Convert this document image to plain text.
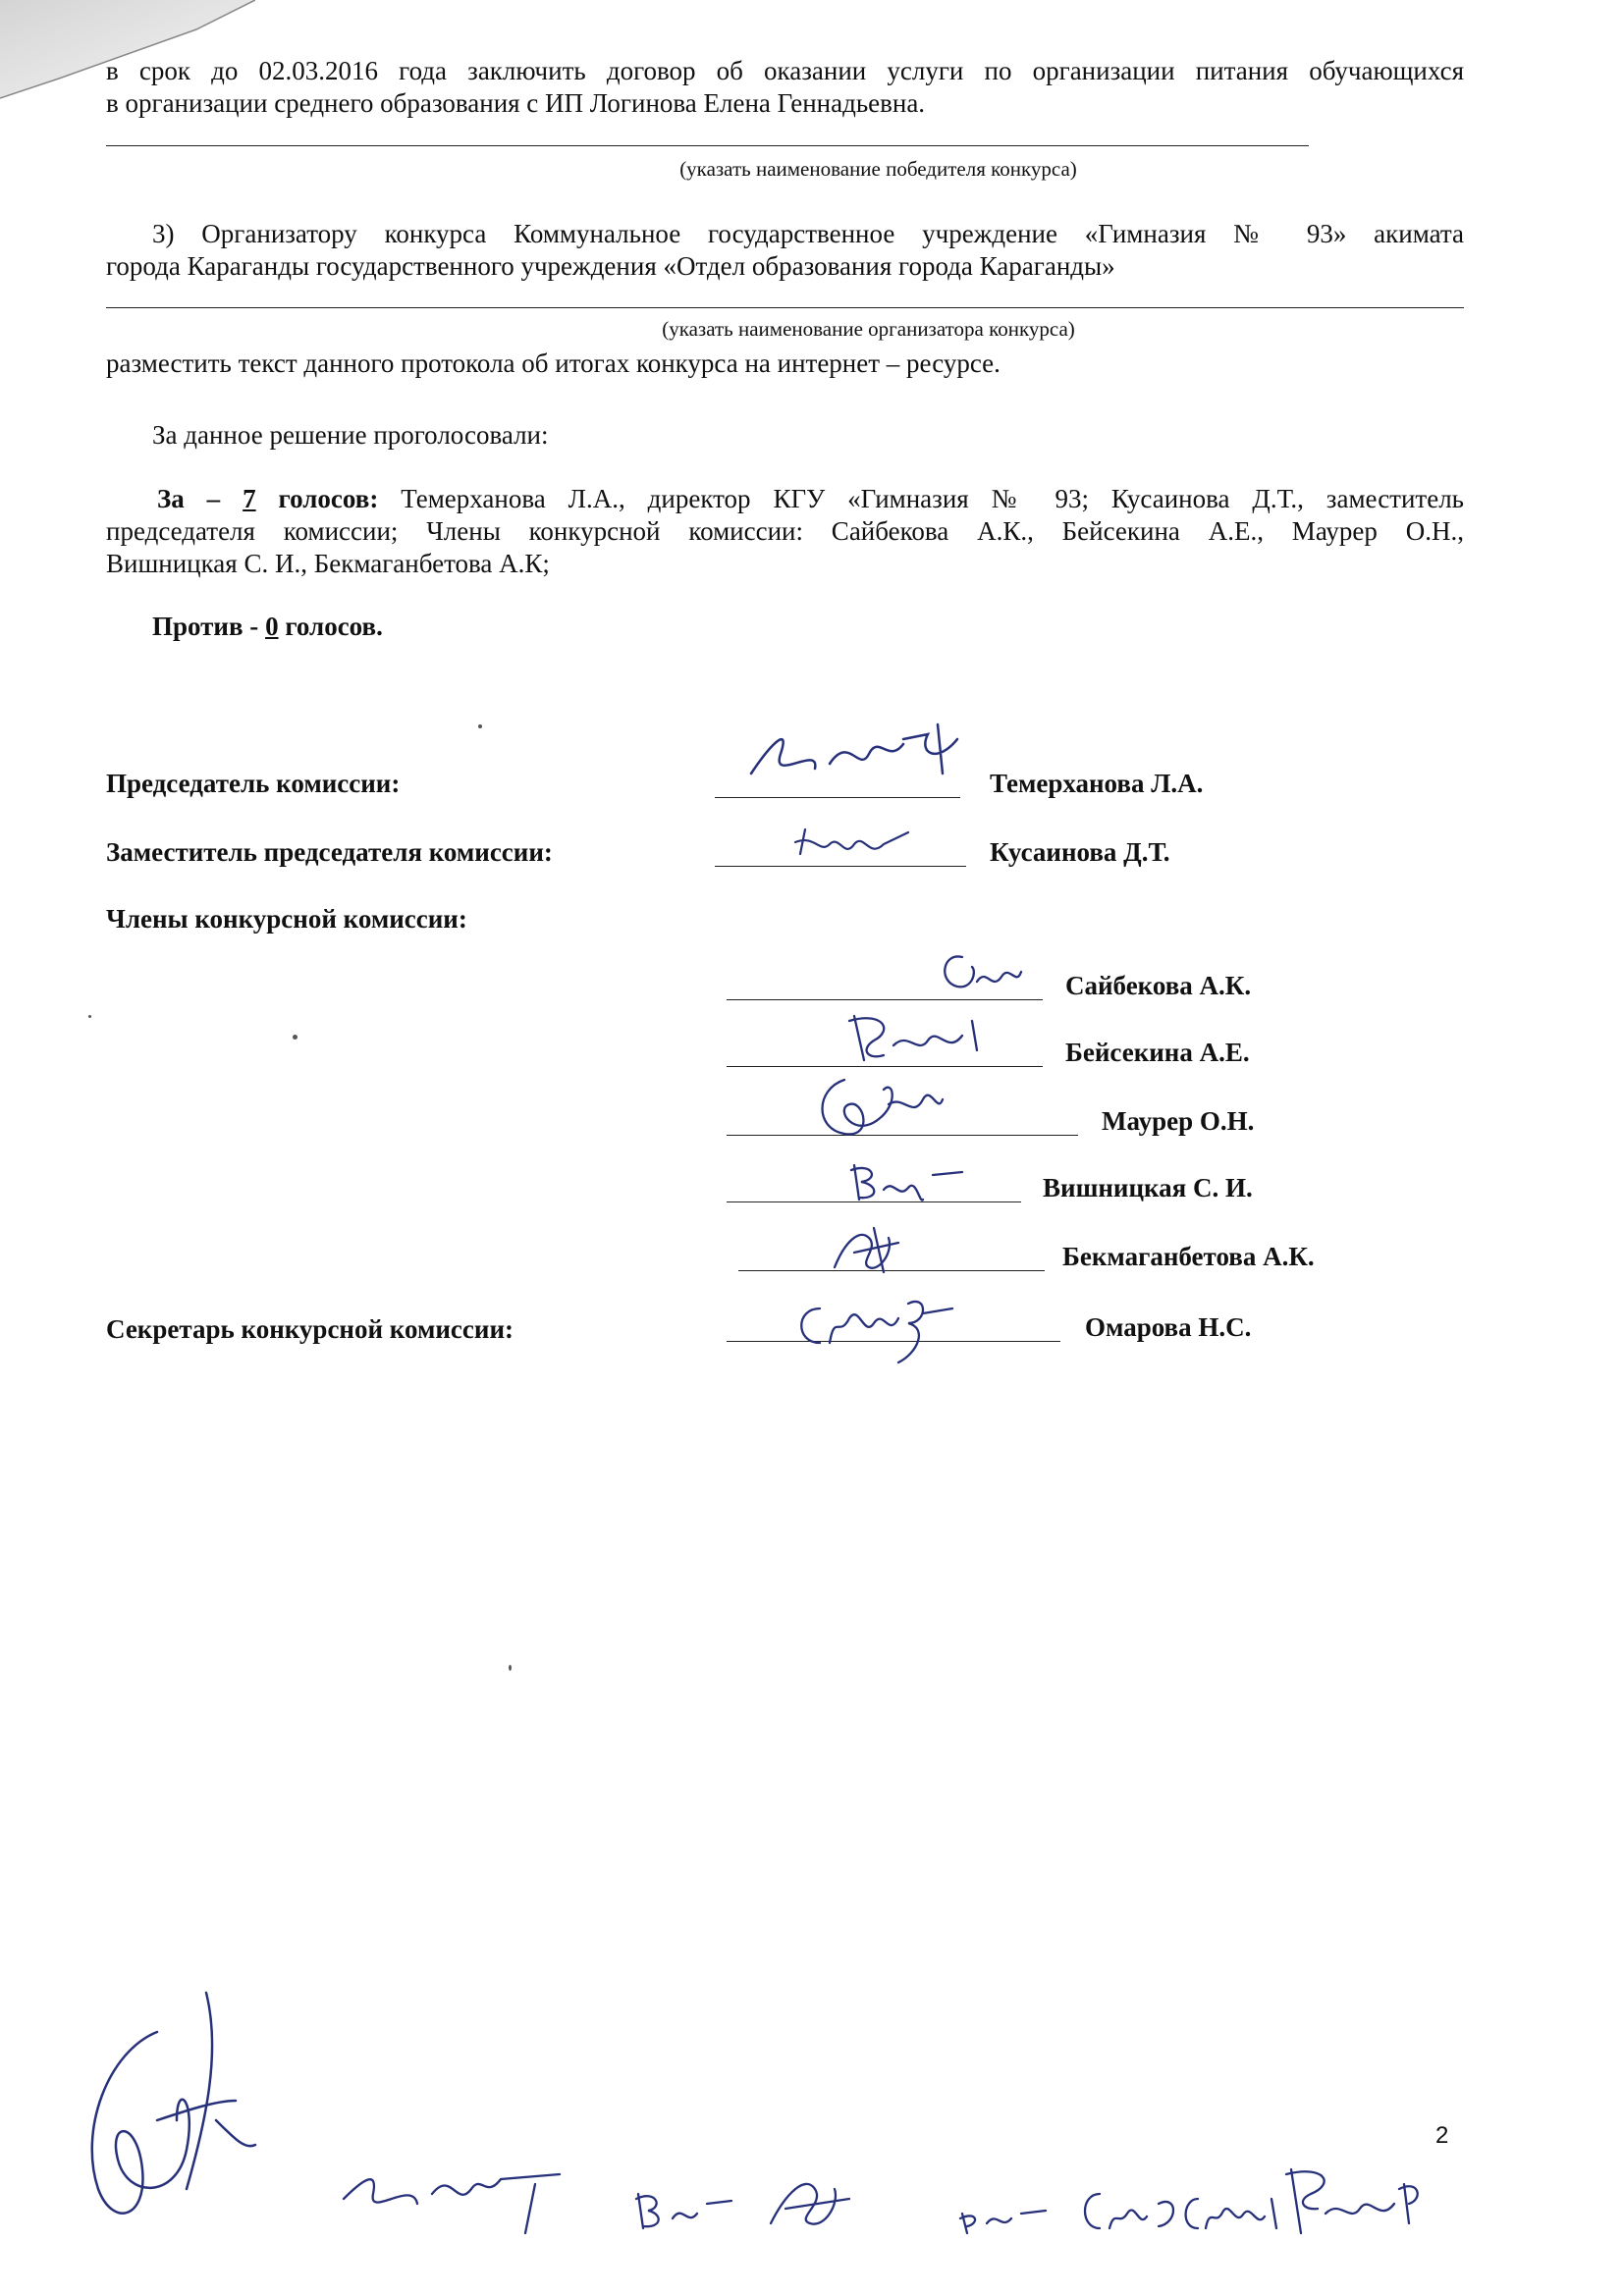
в срок до 02.03.2016 года заключить договор об оказании услуги по организации питания обучающихся
в организации среднего образования с ИП Логинова Елена Геннадьевна.
(указать наименование победителя конкурса)
3) Организатору конкурса Коммунальное государственное учреждение «Гимназия № 93» акимата
города Караганды государственного учреждения «Отдел образования города Караганды»
(указать наименование организатора конкурса)
разместить текст данного протокола об итогах конкурса на интернет – ресурсе.
За данное решение проголосовали:
За – 7 голосов: Темерханова Л.А., директор КГУ «Гимназия № 93; Кусаинова Д.Т., заместитель
председателя комиссии; Члены конкурсной комиссии: Сайбекова А.К., Бейсекина А.Е., Маурер О.Н.,
Вишницкая С. И., Бекмаганбетова А.К;
Против - 0 голосов.
Председатель комиссии:	Темерханова Л.А.
Заместитель председателя комиссии:	Кусаинова Д.Т.
Члены конкурсной комиссии:
Сайбекова А.К.
Бейсекина А.Е.
Маурер О.Н.
Вишницкая С. И.
Бекмаганбетова А.К.
Секретарь конкурсной комиссии:	Омарова Н.С.
2
